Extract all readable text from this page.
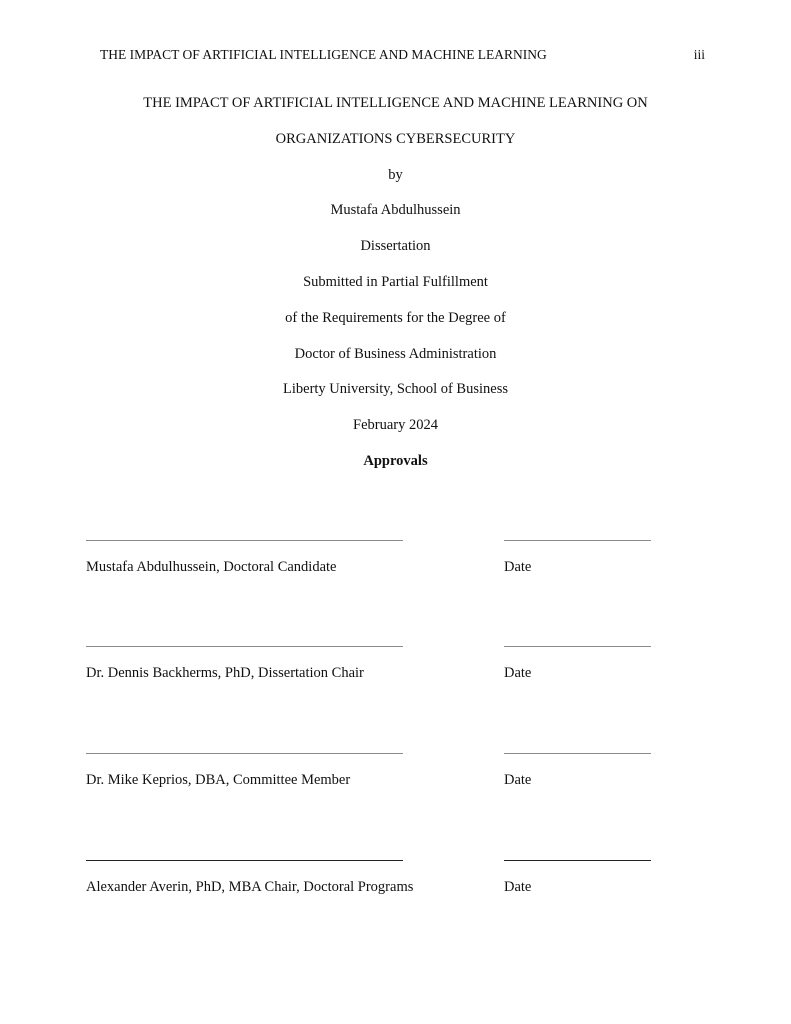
THE IMPACT OF ARTIFICIAL INTELLIGENCE AND MACHINE LEARNING	iii
THE IMPACT OF ARTIFICIAL INTELLIGENCE AND MACHINE LEARNING ON
ORGANIZATIONS CYBERSECURITY
by
Mustafa Abdulhussein
Dissertation
Submitted in Partial Fulfillment
of the Requirements for the Degree of
Doctor of Business Administration
Liberty University, School of Business
February 2024
Approvals
Mustafa Abdulhussein, Doctoral Candidate	Date
Dr. Dennis Backherms, PhD, Dissertation Chair	Date
Dr. Mike Keprios, DBA, Committee Member	Date
Alexander Averin, PhD, MBA Chair, Doctoral Programs	Date
